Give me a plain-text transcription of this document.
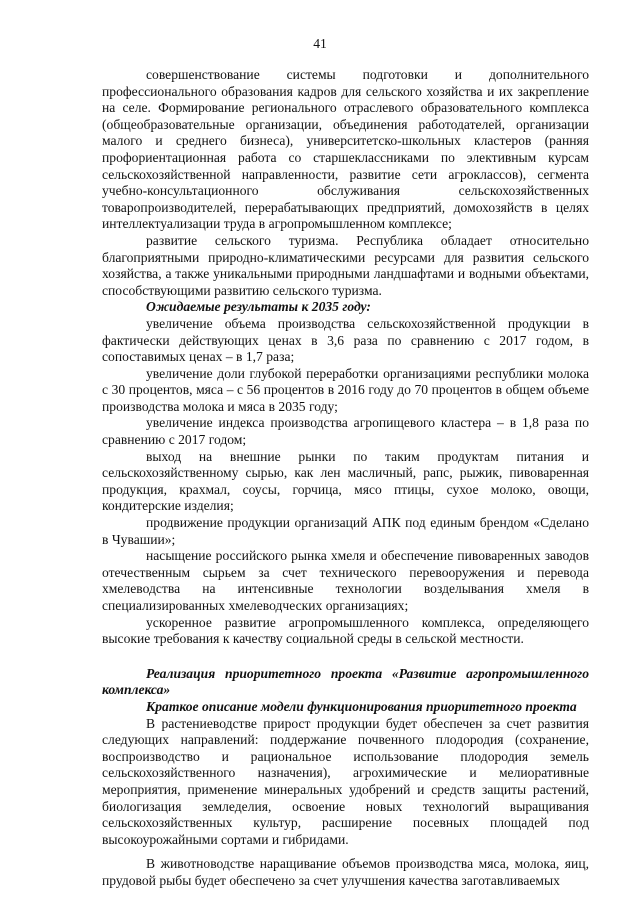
41

совершенствование системы подготовки и дополнительного профессионального образования кадров для сельского хозяйства и их закрепление на селе. Формирование регионального отраслевого образовательного комплекса (общеобразовательные организации, объединения работодателей, организации малого и среднего бизнеса), университетско-школьных кластеров (ранняя профориентационная работа со старшеклассниками по элективным курсам сельскохозяйственной направленности, развитие сети агроклассов), сегмента учебно-консультационного обслуживания сельскохозяйственных товаропроизводителей, перерабатывающих предприятий, домохозяйств в целях интеллектуализации труда в агропромышленном комплексе;

развитие сельского туризма. Республика обладает относительно благоприятными природно-климатическими ресурсами для развития сельского хозяйства, а также уникальными природными ландшафтами и водными объектами, способствующими развитию сельского туризма.

Ожидаемые результаты к 2035 году:

увеличение объема производства сельскохозяйственной продукции в фактически действующих ценах в 3,6 раза по сравнению с 2017 годом, в сопоставимых ценах – в 1,7 раза;

увеличение доли глубокой переработки организациями республики молока с 30 процентов, мяса – с 56 процентов в 2016 году до 70 процентов в общем объеме производства молока и мяса в 2035 году;

увеличение индекса производства агропищевого кластера – в 1,8 раза по сравнению с 2017 годом;

выход на внешние рынки по таким продуктам питания и сельскохозяйственному сырью, как лен масличный, рапс, рыжик, пивоваренная продукция, крахмал, соусы, горчица, мясо птицы, сухое молоко, овощи, кондитерские изделия;

продвижение продукции организаций АПК под единым брендом «Сделано в Чувашии»;

насыщение российского рынка хмеля и обеспечение пивоваренных заводов отечественным сырьем за счет технического перевооружения и перевода хмелеводства на интенсивные технологии возделывания хмеля в специализированных хмелеводческих организациях;

ускоренное развитие агропромышленного комплекса, определяющего высокие требования к качеству социальной среды в сельской местности.

Реализация приоритетного проекта «Развитие агропромышленного комплекса»

Краткое описание модели функционирования приоритетного проекта

В растениеводстве прирост продукции будет обеспечен за счет развития следующих направлений: поддержание почвенного плодородия (сохранение, воспроизводство и рациональное использование плодородия земель сельскохозяйственного назначения), агрохимические и мелиоративные мероприятия, применение минеральных удобрений и средств защиты растений, биологизация земледелия, освоение новых технологий выращивания сельскохозяйственных культур, расширение посевных площадей под высокоурожайными сортами и гибридами.

В животноводстве наращивание объемов производства мяса, молока, яиц, прудовой рыбы будет обеспечено за счет улучшения качества заготавливаемых
